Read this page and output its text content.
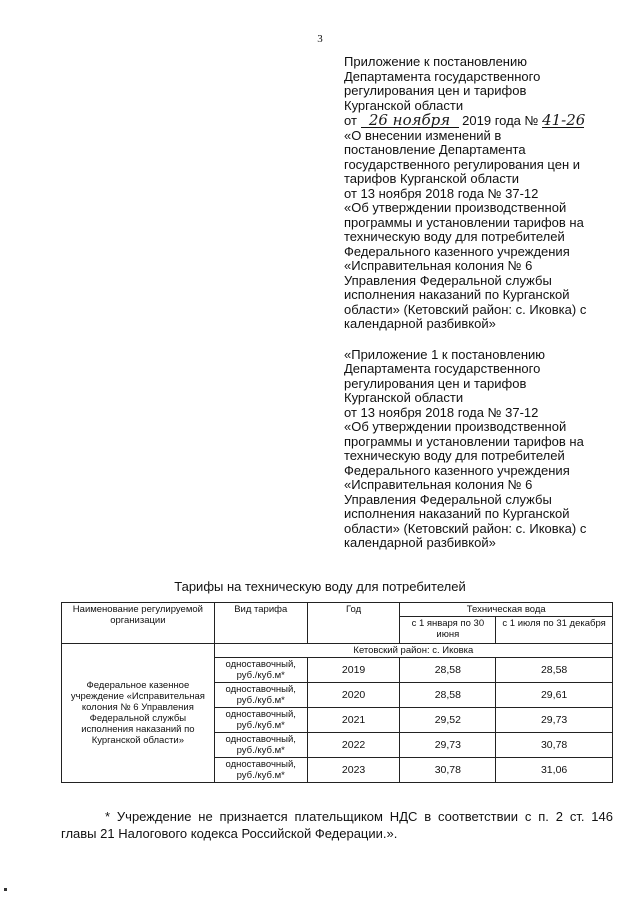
3
Приложение к постановлению
Департамента государственного
регулирования цен и тарифов
Курганской области
от 26 ноября 2019 года № 41-26
«О внесении изменений в
постановление Департамента
государственного регулирования цен и
тарифов Курганской области
от 13 ноября 2018 года № 37-12
«Об утверждении производственной
программы и установлении тарифов на
техническую воду для потребителей
Федерального казенного учреждения
«Исправительная колония № 6
Управления Федеральной службы
исполнения наказаний по Курганской
области» (Кетовский район: с. Иковка) с
календарной разбивкой»
«Приложение 1 к постановлению
Департамента государственного
регулирования цен и тарифов
Курганской области
от 13 ноября 2018 года № 37-12
«Об утверждении производственной
программы и установлении тарифов на
техническую воду для потребителей
Федерального казенного учреждения
«Исправительная колония № 6
Управления Федеральной службы
исполнения наказаний по Курганской
области» (Кетовский район: с. Иковка) с
календарной разбивкой»
Тарифы на техническую воду для потребителей
Наименование регулируемой организации	Вид тарифа	Год	Техническая вода	
			с 1 января по 30 июня	с 1 июля по 31 декабря
Федеральное казенное учреждение «Исправительная колония № 6 Управления Федеральной службы исполнения наказаний по Курганской области»	Кетовский район: с. Иковка			
	одноставочный, руб./куб.м*	2019	28,58	28,58
	одноставочный, руб./куб.м*	2020	28,58	29,61
	одноставочный, руб./куб.м*	2021	29,52	29,73
	одноставочный, руб./куб.м*	2022	29,73	30,78
	одноставочный, руб./куб.м*	2023	30,78	31,06
* Учреждение не признается плательщиком НДС в соответствии с п. 2 ст. 146 главы 21 Налогового кодекса Российской Федерации.».
